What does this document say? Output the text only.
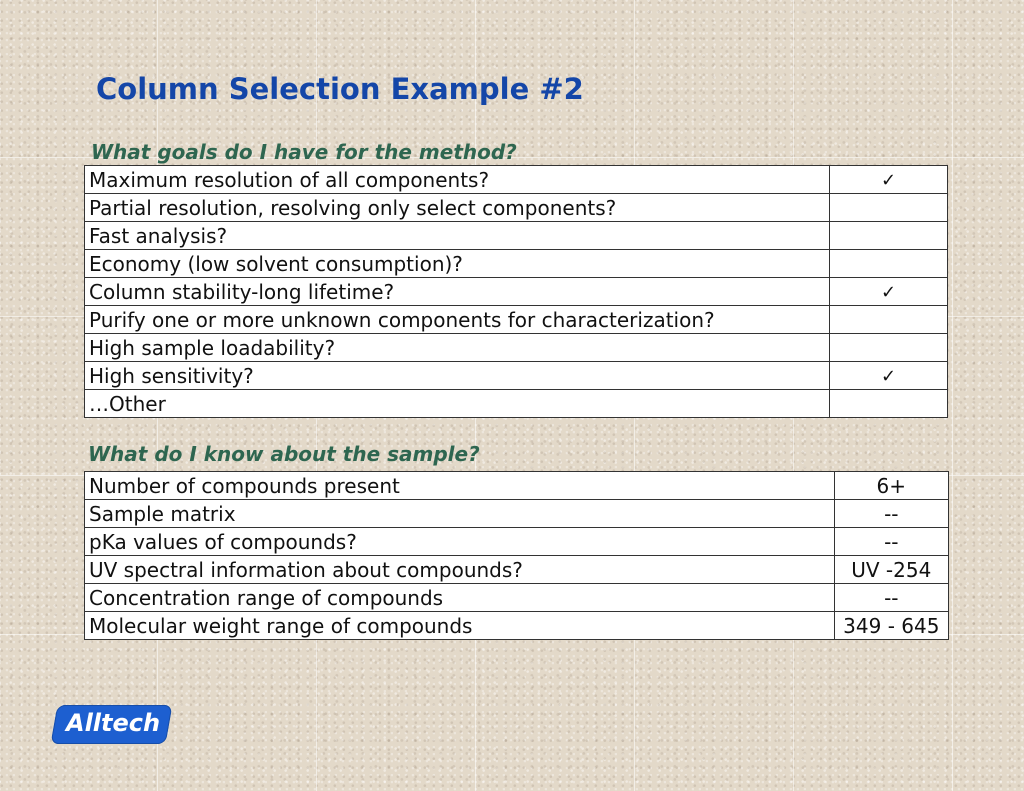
Column Selection Example #2
What goals do I have for the method?
Maximum resolution of all components?	✓
Partial resolution, resolving only select components?	
Fast analysis?	
Economy (low solvent consumption)?	
Column stability-long lifetime?	✓
Purify one or more unknown components for characterization?	
High sample loadability?	
High sensitivity?	✓
…Other	
What do I know about the sample?
Number of compounds present	6+
Sample matrix	--
pKa values of compounds?	--
UV spectral information about compounds?	UV -254
Concentration range of compounds	--
Molecular weight range of compounds	349 - 645
Alltech
